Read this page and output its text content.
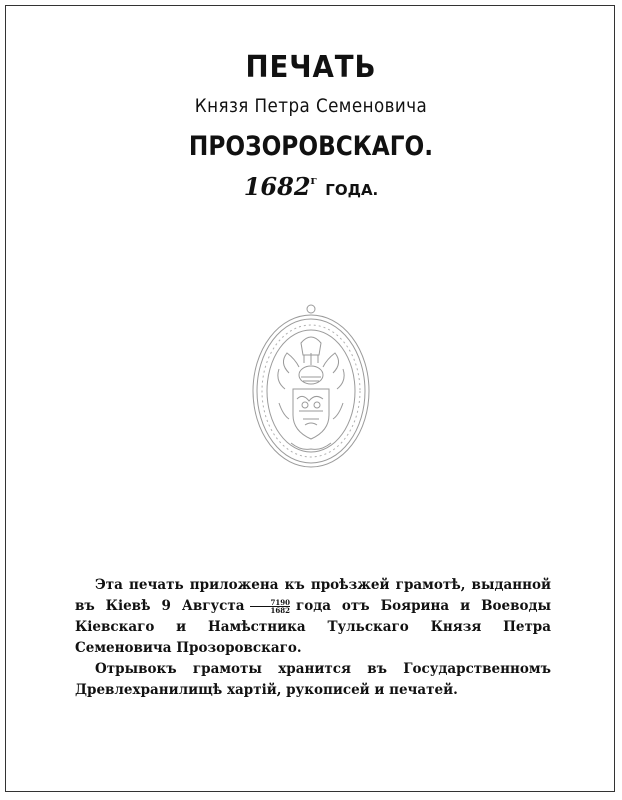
ПЕЧАТЬ
Князя Петра Семеновича
ПРОЗОРОВСКАГО.
$1682^гГОДА$.

Эта печать приложена къ проѣзжей грамотѣ, выданной въ Кіевѣ 9 Августа $\frac{7190}{1682}$ года отъ Боярина и Воеводы Кіевскаго и Намѣстника Тульскаго Князя Петра Семеновича Прозоровскаго.

Отрывокъ грамоты хранится въ Государственномъ Древлехранилищѣ хартій, рукописей и печатей.
